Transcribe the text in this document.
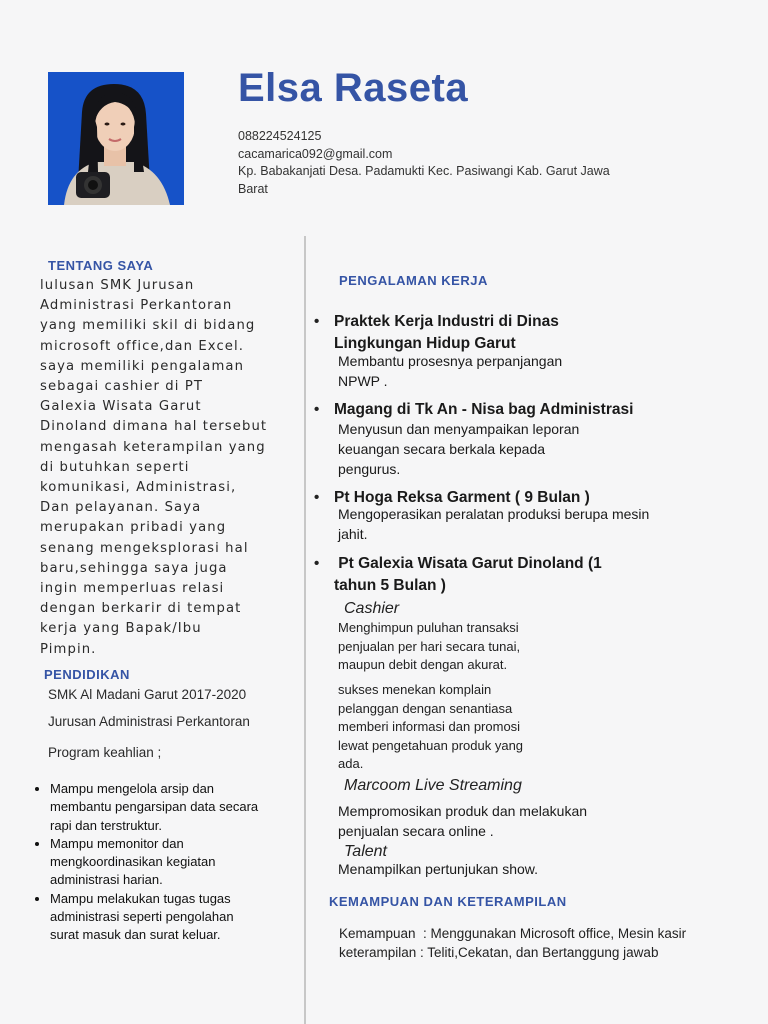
Elsa Raseta
088224524125
cacamarica092@gmail.com
Kp. Babakanjati Desa. Padamukti Kec. Pasiwangi Kab. Garut Jawa
Barat
TENTANG SAYA
lulusan SMK Jurusan
Administrasi Perkantoran
yang memiliki skil di bidang
microsoft office,dan Excel.
saya memiliki pengalaman
sebagai cashier di PT
Galexia Wisata Garut
Dinoland dimana hal tersebut
mengasah keterampilan yang
di butuhkan seperti
komunikasi, Administrasi,
Dan pelayanan. Saya
merupakan pribadi yang
senang mengeksplorasi hal
baru,sehingga saya juga
ingin memperluas relasi
dengan berkarir di tempat
kerja yang Bapak/Ibu
Pimpin.
PENDIDIKAN
SMK Al Madani Garut 2017-2020
Jurusan Administrasi Perkantoran
Program keahlian ;
• Mampu mengelola arsip dan
membantu pengarsipan data secara
rapi dan terstruktur.
• Mampu memonitor dan
mengkoordinasikan kegiatan
administrasi harian.
• Mampu melakukan tugas tugas
administrasi seperti pengolahan
surat masuk dan surat keluar.
PENGALAMAN KERJA
• Praktek Kerja Industri di Dinas
Lingkungan Hidup Garut
Membantu prosesnya perpanjangan
NPWP .
• Magang di Tk An - Nisa bag Administrasi
Menyusun dan menyampaikan leporan
keuangan secara berkala kepada
pengurus.
• Pt Hoga Reksa Garment ( 9 Bulan )
Mengoperasikan peralatan produksi berupa mesin
jahit.
• Pt Galexia Wisata Garut Dinoland (1
tahun 5 Bulan )
Cashier
Menghimpun puluhan transaksi
penjualan per hari secara tunai,
maupun debit dengan akurat.
sukses menekan komplain
pelanggan dengan senantiasa
memberi informasi dan promosi
lewat pengetahuan produk yang
ada.
Marcoom Live Streaming
Mempromosikan produk dan melakukan
penjualan secara online .
Talent
Menampilkan pertunjukan show.
KEMAMPUAN DAN KETERAMPILAN
Kemampuan  : Menggunakan Microsoft office, Mesin kasir
keterampilan : Teliti,Cekatan, dan Bertanggung jawab
